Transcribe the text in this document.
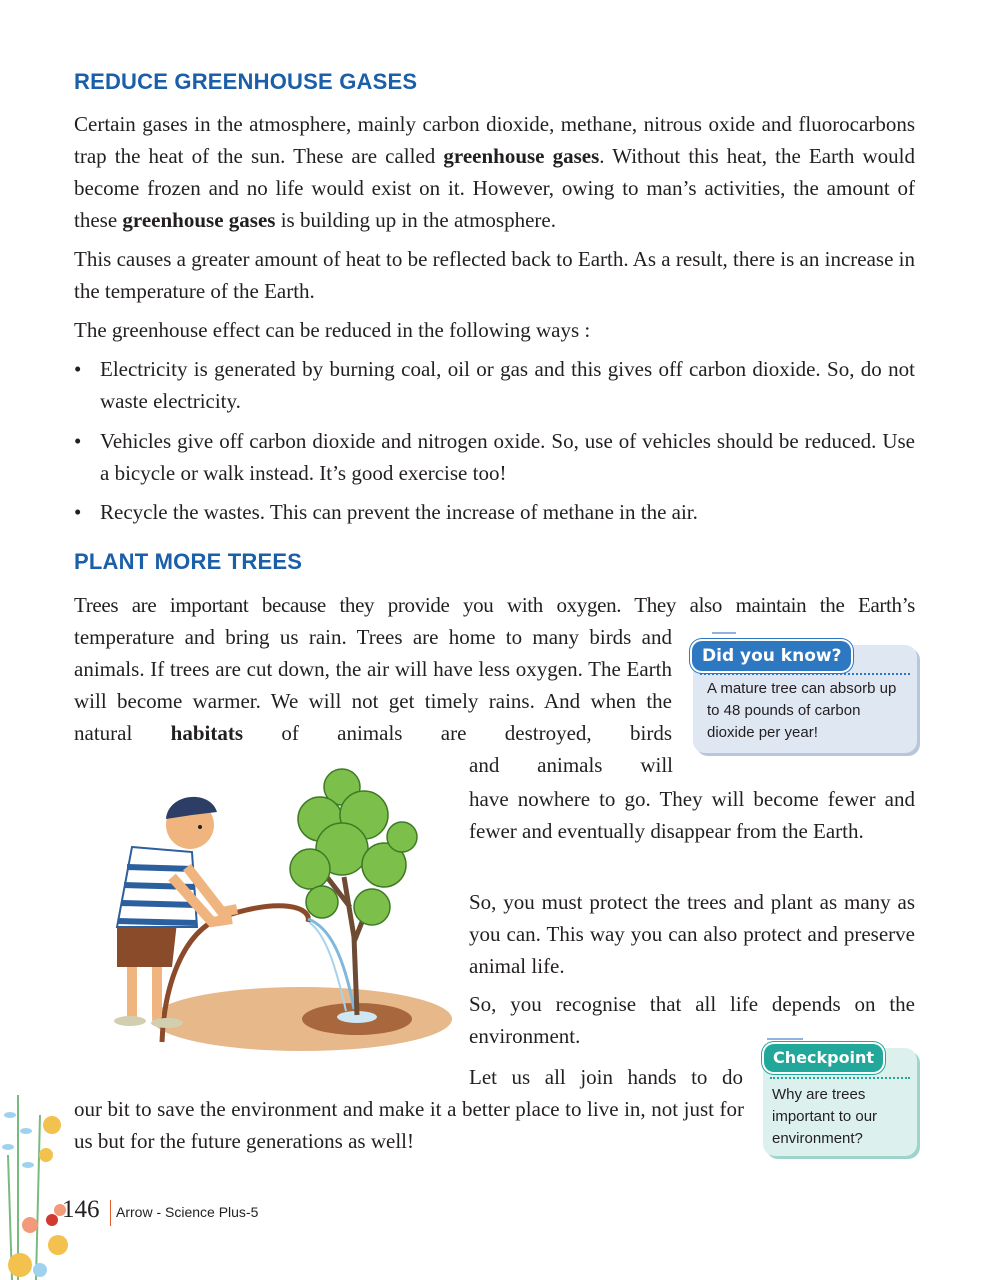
REDUCE GREENHOUSE GASES

Certain gases in the atmosphere, mainly carbon dioxide, methane, nitrous oxide and fluorocarbons trap the heat of the sun. These are called greenhouse gases. Without this heat, the Earth would become frozen and no life would exist on it. However, owing to man’s activities, the amount of these greenhouse gases is building up in the atmosphere.

This causes a greater amount of heat to be reflected back to Earth. As a result, there is an increase in the temperature of the Earth.

The greenhouse effect can be reduced in the following ways :

• Electricity is generated by burning coal, oil or gas and this gives off carbon dioxide. So, do not waste electricity.
• Vehicles give off carbon dioxide and nitrogen oxide. So, use of vehicles should be reduced. Use a bicycle or walk instead. It’s good exercise too!
• Recycle the wastes. This can prevent the increase of methane in the air.
PLANT MORE TREES

Trees are important because they provide you with oxygen. They also maintain the Earth’s

temperature and bring us rain. Trees are home to many birds and animals. If trees are cut down, the air will have less oxygen. The Earth will become warmer. We will not get timely rains. And when the natural habitats of animals are destroyed, birds

and animals will

have nowhere to go. They will become fewer and fewer and eventually disappear from the Earth.

So, you must protect the trees and plant as many as you can. This way you can also protect and preserve animal life.

So, you recognise that all life depends on the environment.

Let us all join hands to do

our bit to save the environment and make it a better place to live in, not just for us but for the future generations as well!

Did you know?
A mature tree can absorb up to 48 pounds of carbon dioxide per year!
Checkpoint
Why are trees important to our environment?
146 Arrow - Science Plus-5
